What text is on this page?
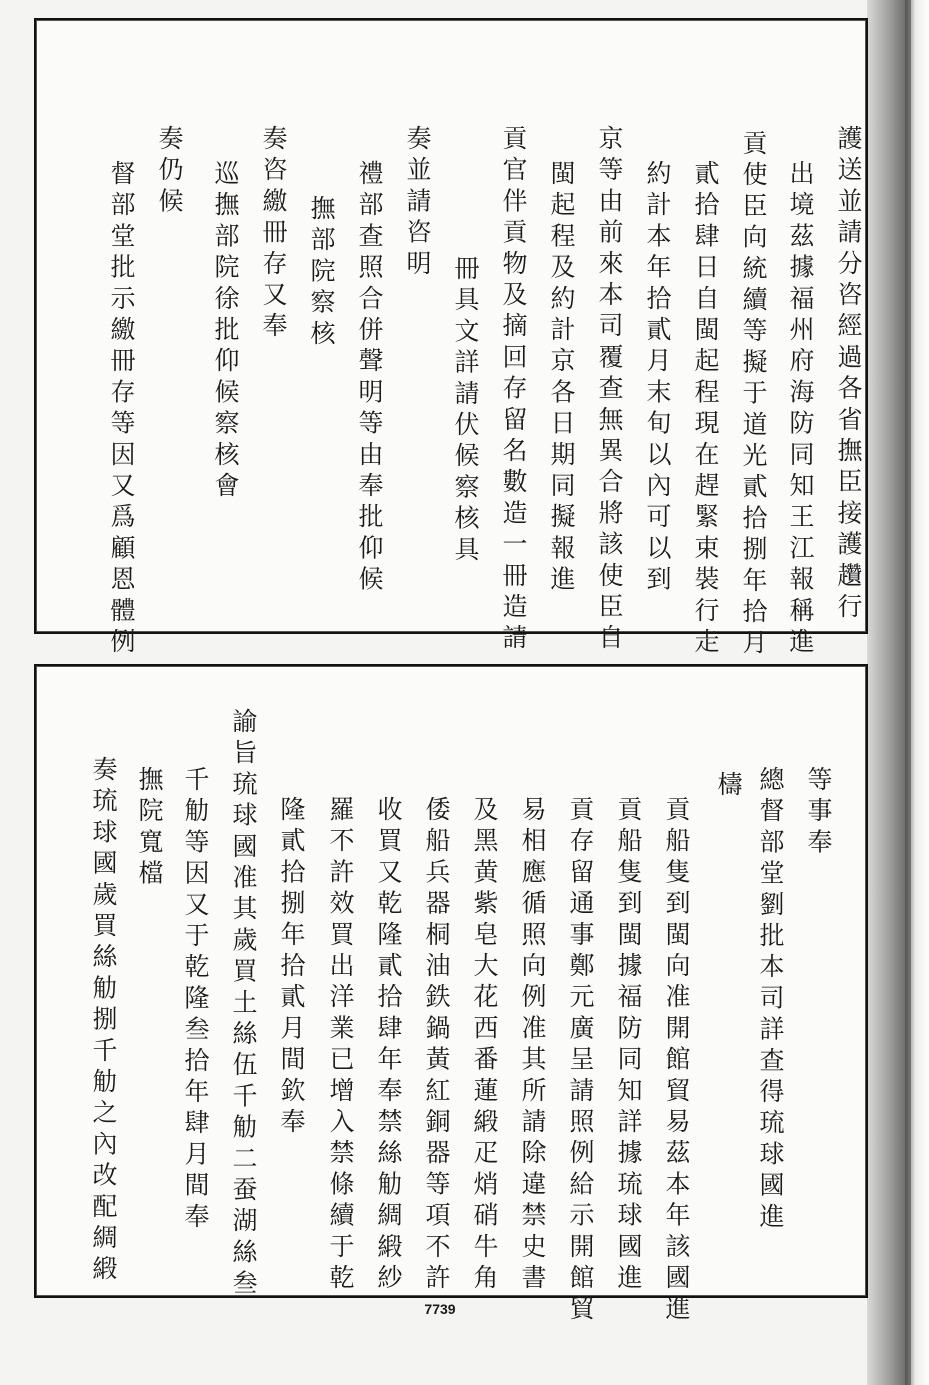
護送並請分咨經過各省撫臣接護趲行
出境茲據福州府海防同知王江報稱進
貢使臣向統續等擬于道光貳拾捌年拾月
貳拾肆日自閩起程現在趕緊束裝行走
約計本年拾貳月末旬以內可以到
京等由前來本司覆查無異合將該使臣自
閩起程及約計京各日期同擬報進
貢官伴貢物及摘回存留名數造一冊造請
冊具文詳請伏候察核具
奏並請咨明
禮部查照合併聲明等由奉批仰候
撫部院察核
奏咨繳冊存又奉
巡撫部院徐批仰候察核會
奏仍候
督部堂批示繳冊存等因又爲顧恩體例
等事奉
總督部堂劉批本司詳查得琉球國進
檮
貢船隻到閩向准開館貿易茲本年該國進
貢船隻到閩據福防同知詳據琉球國進
貢存留通事鄭元廣呈請照例給示開館貿
易相應循照向例准其所請除違禁史書
及黑黄紫皂大花西番蓮緞疋焇硝牛角
倭船兵器桐油鉄鍋黃紅銅器等項不許
收買又乾隆貳拾肆年奉禁絲觔綢緞紗
羅不許效買出洋業已增入禁條續于乾
隆貳拾捌年拾貳月間欽奉
諭旨琉球國准其歲買土絲伍千觔二蚕湖絲叁
千觔等因又于乾隆叁拾年肆月間奉
撫院寬檔
奏琉球國歲買絲觔捌千觔之內改配綢緞
7739
